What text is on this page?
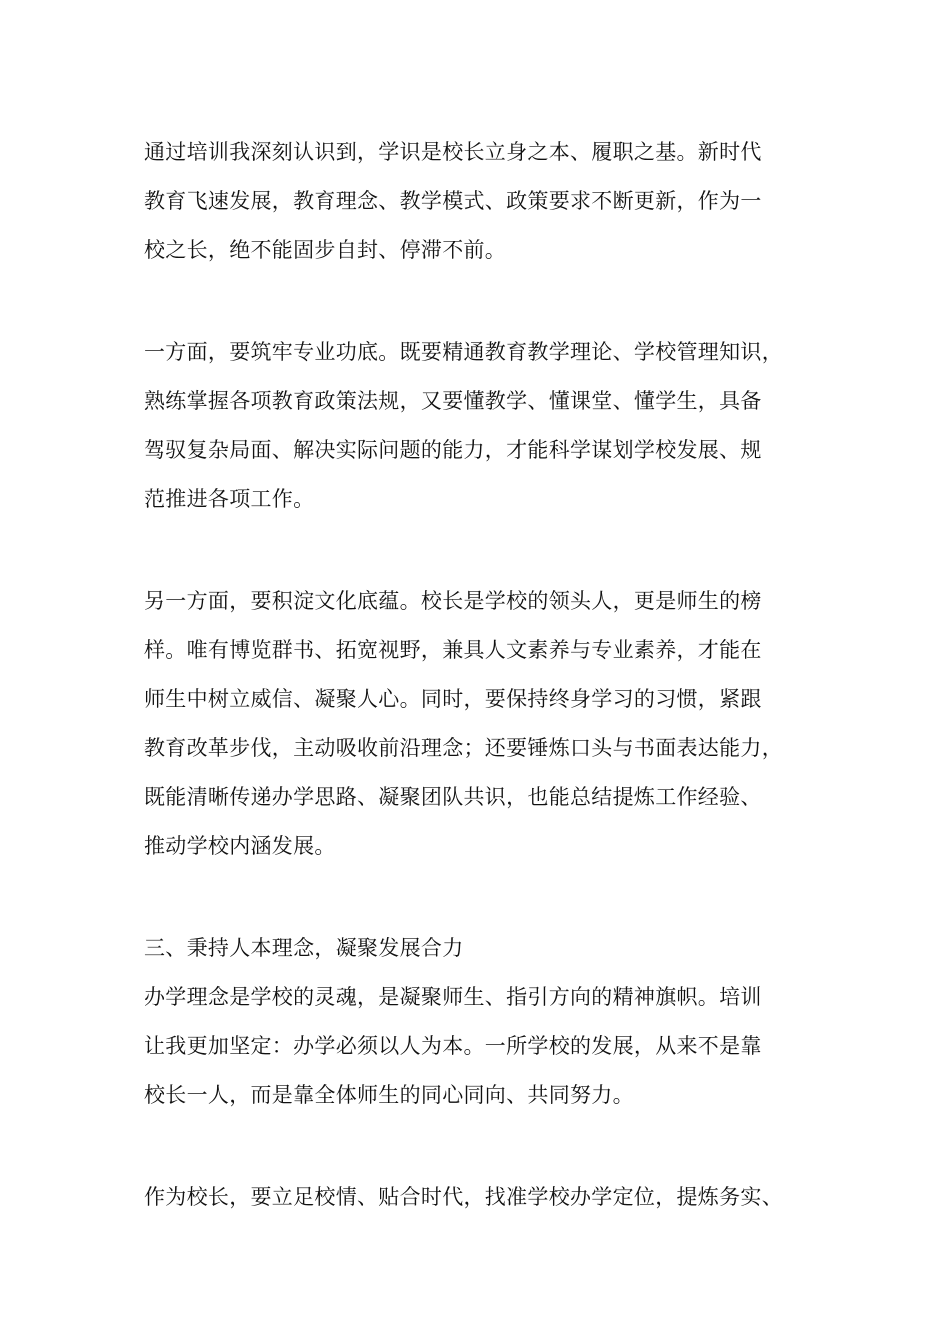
通过培训我深刻认识到，学识是校长立身之本、履职之基。新时代

教育飞速发展，教育理念、教学模式、政策要求不断更新，作为一

校之长，绝不能固步自封、停滞不前。

一方面，要筑牢专业功底。既要精通教育教学理论、学校管理知识，

熟练掌握各项教育政策法规，又要懂教学、懂课堂、懂学生，具备

驾驭复杂局面、解决实际问题的能力，才能科学谋划学校发展、规

范推进各项工作。

另一方面，要积淀文化底蕴。校长是学校的领头人，更是师生的榜

样。唯有博览群书、拓宽视野，兼具人文素养与专业素养，才能在

师生中树立威信、凝聚人心。同时，要保持终身学习的习惯，紧跟

教育改革步伐，主动吸收前沿理念；还要锤炼口头与书面表达能力，

既能清晰传递办学思路、凝聚团队共识，也能总结提炼工作经验、

推动学校内涵发展。

三、秉持人本理念，凝聚发展合力

办学理念是学校的灵魂，是凝聚师生、指引方向的精神旗帜。培训

让我更加坚定：办学必须以人为本。一所学校的发展，从来不是靠

校长一人，而是靠全体师生的同心同向、共同努力。

作为校长，要立足校情、贴合时代，找准学校办学定位，提炼务实、
